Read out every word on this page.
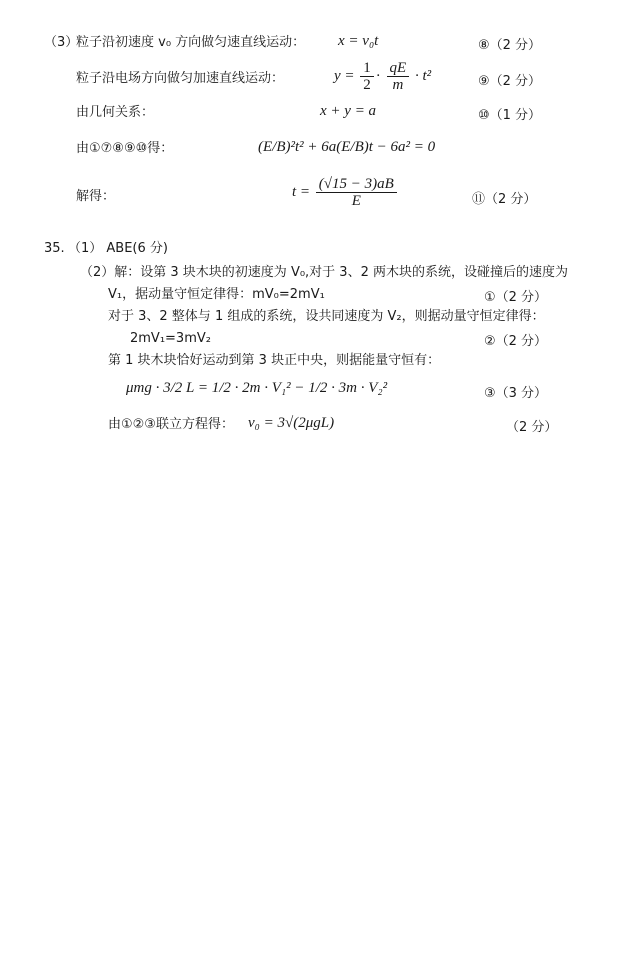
（3）
粒子沿初速度 v₀ 方向做匀速直线运动： x = v₀t	⑧（2 分）
粒子沿电场方向做匀加速直线运动：	$y = \frac{1}{2} \cdot \frac{qE}{m} \cdot t^2$	⑨（2 分）
由几何关系：	x + y = a	⑩（1 分）
由①⑦⑧⑨⑩得：	(E/B)²t² + 6a(E/B)t − 6a² = 0
解得：	$t = \frac{(√15 - 3)aB}{E}$	⑪（2 分）
35. （1） ABE(6 分)
（2）解：设第 3 块木块的初速度为 V₀,对于 3、2 两木块的系统，设碰撞后的速度为
V₁，据动量守恒定律得：mV₀=2mV₁	①（2 分）
对于 3、2 整体与 1 组成的系统，设共同速度为 V₂，则据动量守恒定律得：
2mV₁=3mV₂	②（2 分）
第 1 块木块恰好运动到第 3 块正中央，则据能量守恒有：
μmg · 3/2 L = 1/2 · 2m · V₁² − 1/2 · 3m · V₂²	③（3 分）
由①②③联立方程得： v₀ = 3√(2μgL)	（2 分）
